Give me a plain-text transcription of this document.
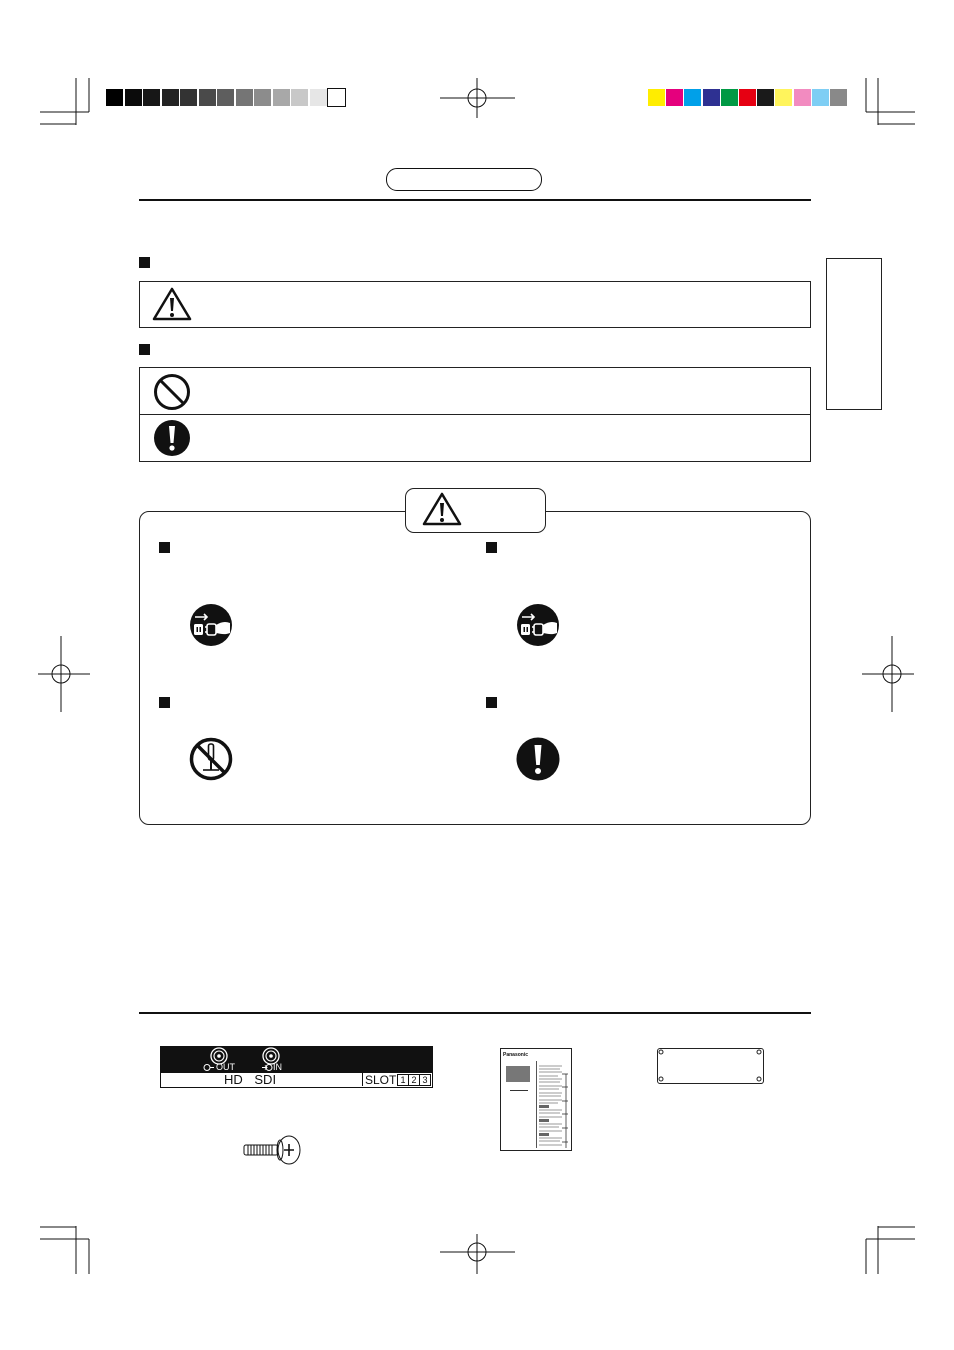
OUT	IN
HD SDI	SLOT 1 2 3
Panasonic
